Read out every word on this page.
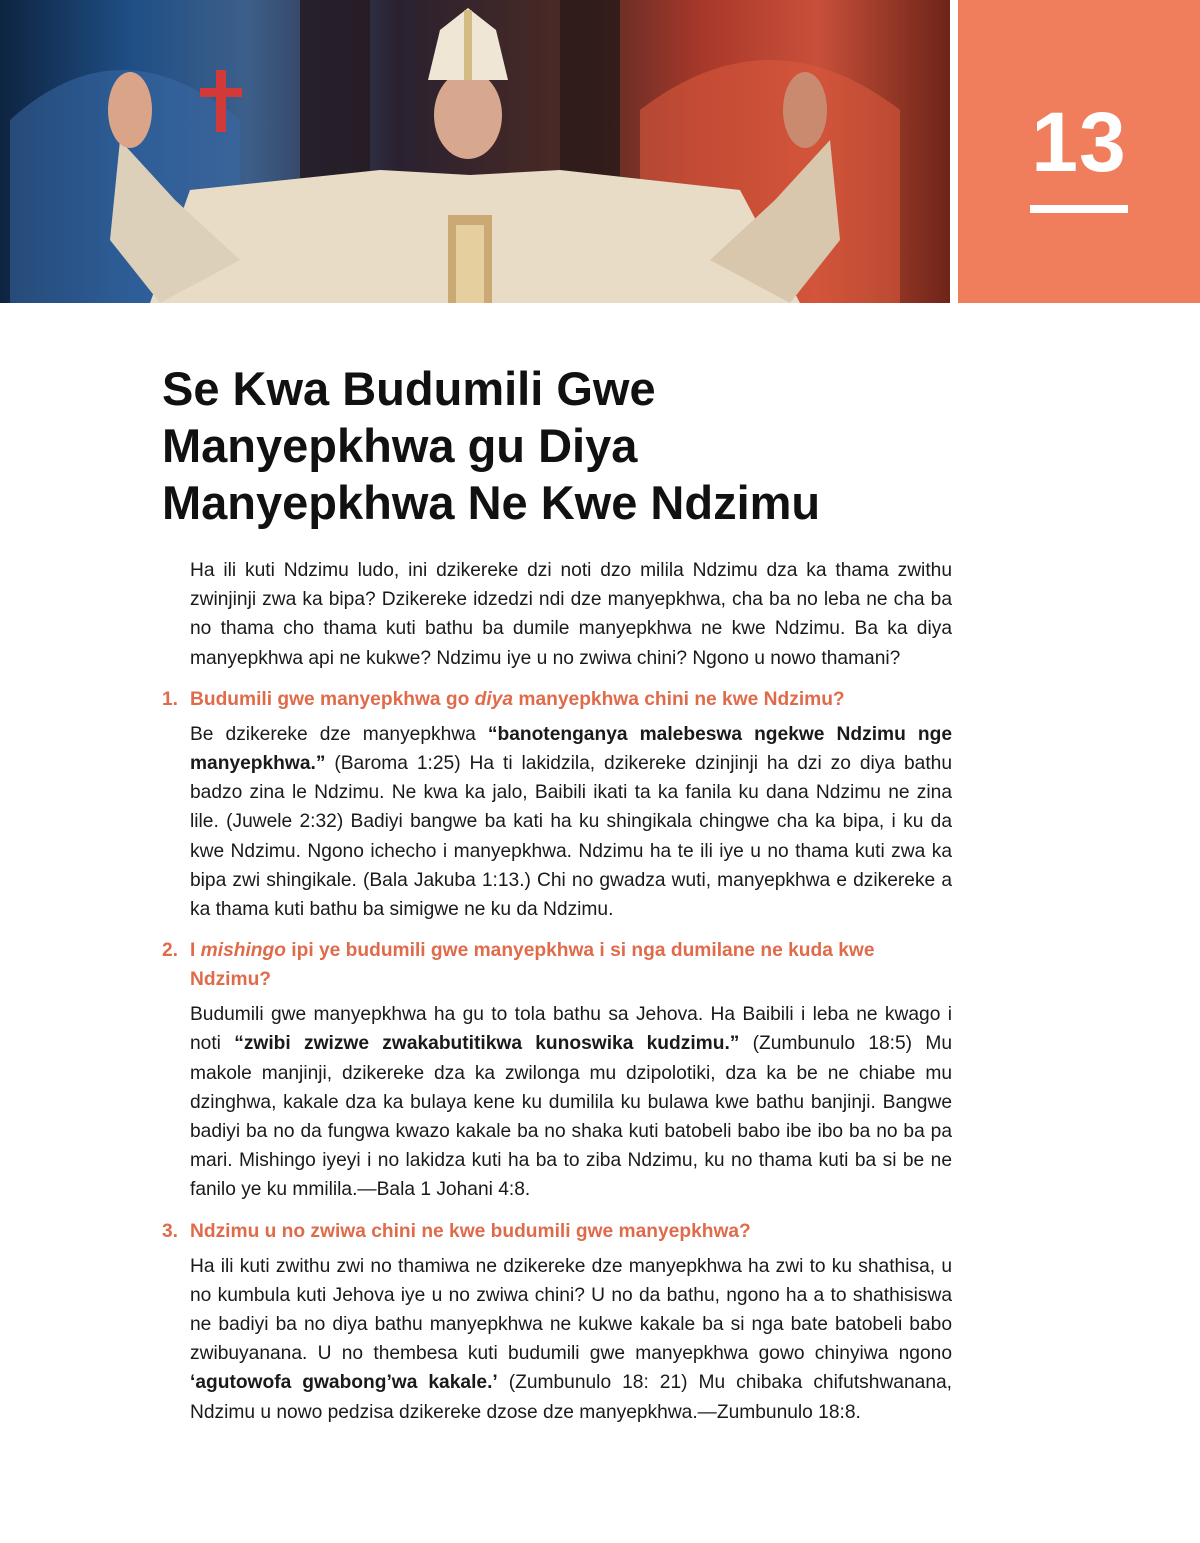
13
Se Kwa Budumili Gwe
Manyepkhwa gu Diya
Manyepkhwa Ne Kwe Ndzimu

Ha ili kuti Ndzimu ludo, ini dzikereke dzi noti dzo milila Ndzimu dza ka thama zwithu zwinjinji zwa ka bipa? Dzikereke idzedzi ndi dze manyepkhwa, cha ba no leba ne cha ba no thama cho thama kuti bathu ba dumile manyepkhwa ne kwe Ndzimu. Ba ka diya manyepkhwa api ne kukwe? Ndzimu iye u no zwiwa chini? Ngono u nowo thamani?

1. Budumili gwe manyepkhwa go diya manyepkhwa chini ne kwe Ndzimu?

Be dzikereke dze manyepkhwa “banotenganya malebeswa ngekwe Ndzimu nge manyepkhwa.” (Baroma 1:25) Ha ti lakidzila, dzikereke dzinjinji ha dzi zo diya bathu badzo zina le Ndzimu. Ne kwa ka jalo, Baibili ikati ta ka fanila ku dana Ndzimu ne zina lile. (Juwele 2:32) Badiyi bangwe ba kati ha ku shingikala chingwe cha ka bipa, i ku da kwe Ndzimu. Ngono ichecho i manyepkhwa. Ndzimu ha te ili iye u no thama kuti zwa ka bipa zwi shingikale. (Bala Jakuba 1:13.) Chi no gwadza wuti, manyepkhwa e dzikereke a ka thama kuti bathu ba simigwe ne ku da Ndzimu.

2. I mishingo ipi ye budumili gwe manyepkhwa i si nga dumilane ne kuda kwe Ndzimu?

Budumili gwe manyepkhwa ha gu to tola bathu sa Jehova. Ha Baibili i leba ne kwago i noti “zwibi zwizwe zwakabutitikwa kunoswika kudzimu.” (Zumbunulo 18:5) Mu makole manjinji, dzikereke dza ka zwilonga mu dzipolotiki, dza ka be ne chiabe mu dzinghwa, kakale dza ka bulaya kene ku dumilila ku bulawa kwe bathu banjinji. Bangwe badiyi ba no da fungwa kwazo kakale ba no shaka kuti batobeli babo ibe ibo ba no ba pa mari. Mishingo iyeyi i no lakidza kuti ha ba to ziba Ndzimu, ku no thama kuti ba si be ne fanilo ye ku mmilila.—Bala 1 Johani 4:8.

3. Ndzimu u no zwiwa chini ne kwe budumili gwe manyepkhwa?

Ha ili kuti zwithu zwi no thamiwa ne dzikereke dze manyepkhwa ha zwi to ku shathisa, u no kumbula kuti Jehova iye u no zwiwa chini? U no da bathu, ngono ha a to shathisiswa ne badiyi ba no diya bathu manyepkhwa ne kukwe kakale ba si nga bate batobeli babo zwibuyanana. U no thembesa kuti budumili gwe manyepkhwa gowo chinyiwa ngono ‘agutowofa gwabong’wa kakale.’ (Zumbunulo 18: 21) Mu chibaka chifutshwanana, Ndzimu u nowo pedzisa dzikereke dzose dze manyepkhwa.—Zumbunulo 18:8.
